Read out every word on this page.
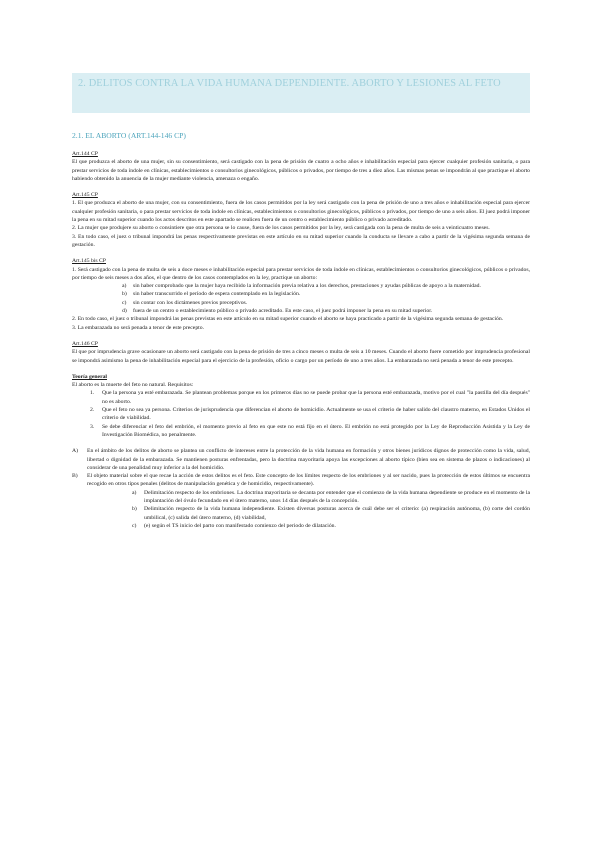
2. DELITOS CONTRA LA VIDA HUMANA DEPENDIENTE. ABORTO Y LESIONES AL FETO
2.1. EL ABORTO (ART.144-146 CP)
Art.144 CP
El que produzca el aborto de una mujer, sin su consentimiento, será castigado con la pena de prisión de cuatro a ocho años e inhabilitación especial para ejercer cualquier profesión sanitaria, o para prestar servicios de toda índole en clínicas, establecimientos o consultorios ginecológicos, públicos o privados, por tiempo de tres a diez años. Las mismas penas se impondrán al que practique el aborto habiendo obtenido la anuencia de la mujer mediante violencia, amenaza o engaño.
Art.145 CP
1. El que produzca el aborto de una mujer, con su consentimiento, fuera de los casos permitidos por la ley será castigado con la pena de prisión de uno a tres años e inhabilitación especial para ejercer cualquier profesión sanitaria, o para prestar servicios de toda índole en clínicas, establecimientos o consultorios ginecológicos, públicos o privados, por tiempo de uno a seis años. El juez podrá imponer la pena en su mitad superior cuando los actos descritos en este apartado se realicen fuera de un centro o establecimiento público o privado acreditado.
2. La mujer que produjere su aborto o consintiere que otra persona se lo cause, fuera de los casos permitidos por la ley, será castigada con la pena de multa de seis a veinticuatro meses.
3. En todo caso, el juez o tribunal impondrá las penas respectivamente previstas en este artículo en su mitad superior cuando la conducta se llevare a cabo a partir de la vigésima segunda semana de gestación.
Art.145 bis CP
1. Será castigado con la pena de multa de seis a doce meses e inhabilitación especial para prestar servicios de toda índole en clínicas, establecimientos o consultorios ginecológicos, públicos o privados, por tiempo de seis meses a dos años, el que dentro de los casos contemplados en la ley, practique un aborto:
a) sin haber comprobado que la mujer haya recibido la información previa relativa a los derechos, prestaciones y ayudas públicas de apoyo a la maternidad.
b) sin haber transcurrido el período de espera contemplado en la legislación.
c) sin contar con los dictámenes previos preceptivos.
d) fuera de un centro o establecimiento público o privado acreditado. En este caso, el juez podrá imponer la pena en su mitad superior.
2. En todo caso, el juez o tribunal impondrá las penas previstas en este artículo en su mitad superior cuando el aborto se haya practicado a partir de la vigésima segunda semana de gestación.
3. La embarazada no será penada a tenor de este precepto.
Art.146 CP
El que por imprudencia grave ocasionare un aborto será castigado con la pena de prisión de tres a cinco meses o multa de seis a 10 meses. Cuando el aborto fuere cometido por imprudencia profesional se impondrá asimismo la pena de inhabilitación especial para el ejercicio de la profesión, oficio o cargo por un período de uno a tres años. La embarazada no será penada a tenor de este precepto.
Teoría general
El aborto es la muerte del feto no natural. Requisitos:
1. Que la persona ya esté embarazada. Se plantean problemas porque en los primeros días no se puede probar que la persona esté embarazada, motivo por el cual "la pastilla del día después" no es aborto.
2. Que el feto no sea ya persona. Criterios de jurisprudencia que diferencian el aborto de homicidio. Actualmente se usa el criterio de haber salido del claustro materno, en Estados Unidos el criterio de viabilidad.
3. Se debe diferenciar el feto del embrión, el momento previo al feto en que este no está fijo en el útero. El embrión no está protegido por la Ley de Reproducción Asistida y la Ley de Investigación Biomédica, no penalmente.
A) En el ámbito de los delitos de aborto se plantea un conflicto de intereses entre la protección de la vida humana en formación y otros bienes jurídicos dignos de protección como la vida, salud, libertad o dignidad de la embarazada. Se mantienen posturas enfrentadas, pero la doctrina mayoritaria apoya las excepciones al aborto típico (bien sea en sistema de plazos o indicaciones) al considerar de una penalidad muy inferior a la del homicidio.
B) El objeto material sobre el que recae la acción de estos delitos es el feto. Este concepto de los límites respecto de los embriones y al ser nacido, pues la protección de estos últimos se encuentra recogido en otros tipos penales (delitos de manipulación genética y de homicidio, respectivamente).
a) Delimitación respecto de los embriones. La doctrina mayoritaria se decanta por entender que el comienzo de la vida humana dependiente se produce en el momento de la implantación del óvulo fecundado en el útero materno, unos 14 días después de la concepción.
b) Delimitación respecto de la vida humana independiente. Existen diversas posturas acerca de cuál debe ser el criterio: (a) respiración autónoma, (b) corte del cordón umbilical, (c) salida del útero materno, (d) viabilidad,
c) (e) según el TS inicio del parto con manifestado comienzo del periodo de dilatación.
